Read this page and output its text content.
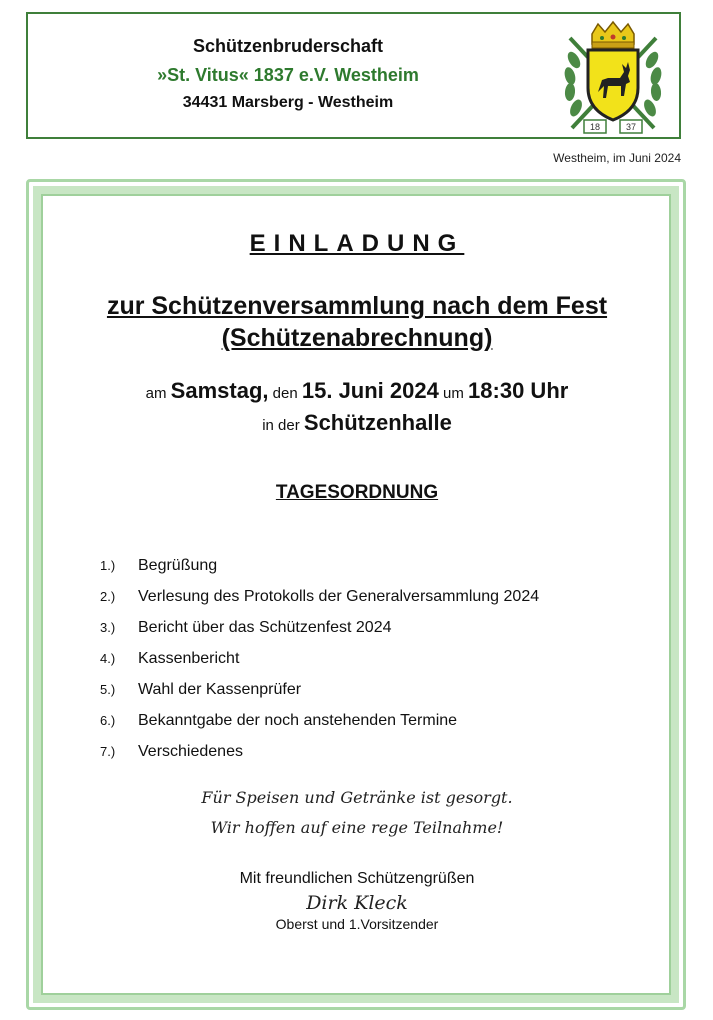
Schützenbruderschaft
»St. Vitus« 1837 e.V. Westheim
34431 Marsberg - Westheim
18	37
Westheim, im Juni 2024
EINLADUNG
zur Schützenversammlung nach dem Fest
(Schützenabrechnung)
am Samstag, den 15. Juni 2024 um 18:30 Uhr
in der Schützenhalle
TAGESORDNUNG
1.)	Begrüßung
2.)	Verlesung des Protokolls der Generalversammlung 2024
3.)	Bericht über das Schützenfest 2024
4.)	Kassenbericht
5.)	Wahl der Kassenprüfer
6.)	Bekanntgabe der noch anstehenden Termine
7.)	Verschiedenes
Für Speisen und Getränke ist gesorgt.
Wir hoffen auf eine rege Teilnahme!
Mit freundlichen Schützengrüßen
Dirk Kleck
Oberst und 1.Vorsitzender
